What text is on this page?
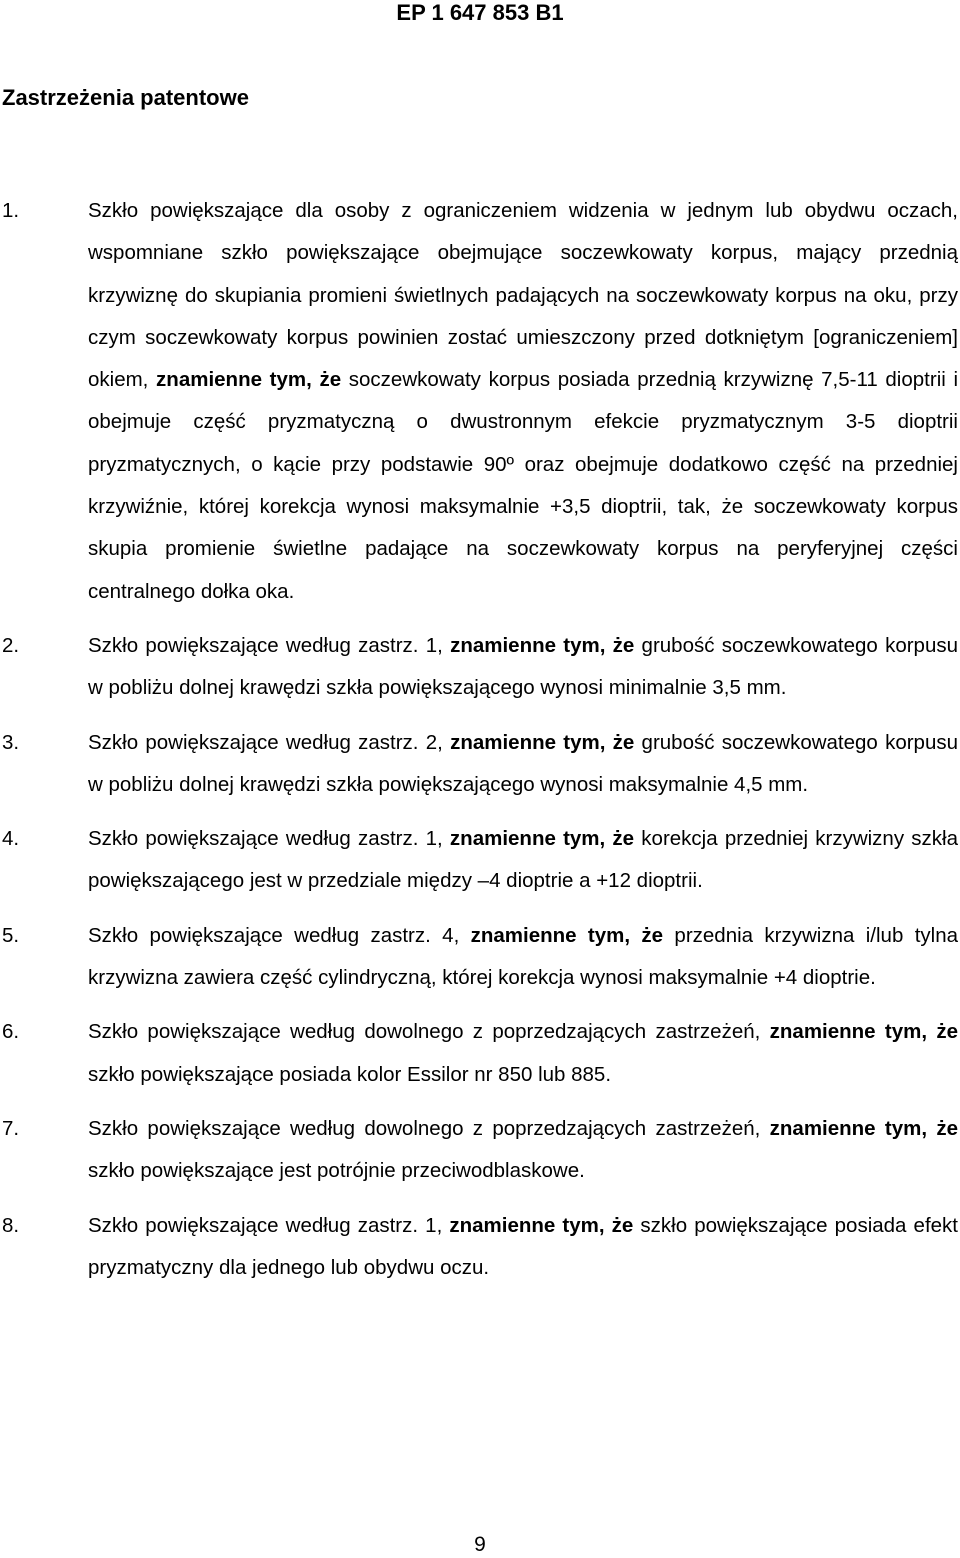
EP 1 647 853 B1
Zastrzeżenia patentowe
1.	Szkło powiększające dla osoby z ograniczeniem widzenia w jednym lub obydwu oczach, wspomniane szkło powiększające obejmujące soczewkowaty korpus, mający przednią krzywiznę do skupiania promieni świetlnych padających na soczewkowaty korpus na oku, przy czym soczewkowaty korpus powinien zostać umieszczony przed dotkniętym [ograniczeniem] okiem, znamienne tym, że soczewkowaty korpus posiada przednią krzywiznę 7,5-11 dioptrii i obejmuje część pryzmatyczną o dwustronnym efekcie pryzmatycznym 3-5 dioptrii pryzmatycznych, o kącie przy podstawie 90º oraz obejmuje dodatkowo część na przedniej krzywiźnie, której korekcja wynosi maksymalnie +3,5 dioptrii, tak, że soczewkowaty korpus skupia promienie świetlne padające na soczewkowaty korpus na peryferyjnej części centralnego dołka oka.
2.	Szkło powiększające według zastrz. 1, znamienne tym, że grubość soczewkowatego korpusu w pobliżu dolnej krawędzi szkła powiększającego wynosi minimalnie 3,5 mm.
3.	Szkło powiększające według zastrz. 2, znamienne tym, że grubość soczewkowatego korpusu w pobliżu dolnej krawędzi szkła powiększającego wynosi maksymalnie 4,5 mm.
4.	Szkło powiększające według zastrz. 1, znamienne tym, że korekcja przedniej krzywizny szkła powiększającego jest w przedziale między –4 dioptrie a +12 dioptrii.
5.	Szkło powiększające według zastrz. 4, znamienne tym, że przednia krzywizna i/lub tylna krzywizna zawiera część cylindryczną, której korekcja wynosi maksymalnie +4 dioptrie.
6.	Szkło powiększające według dowolnego z poprzedzających zastrzeżeń, znamienne tym, że szkło powiększające posiada kolor Essilor nr 850 lub 885.
7.	Szkło powiększające według dowolnego z poprzedzających zastrzeżeń, znamienne tym, że szkło powiększające jest potrójnie przeciwodblaskowe.
8.	Szkło powiększające według zastrz. 1, znamienne tym, że szkło powiększające posiada efekt pryzmatyczny dla jednego lub obydwu oczu.
9
